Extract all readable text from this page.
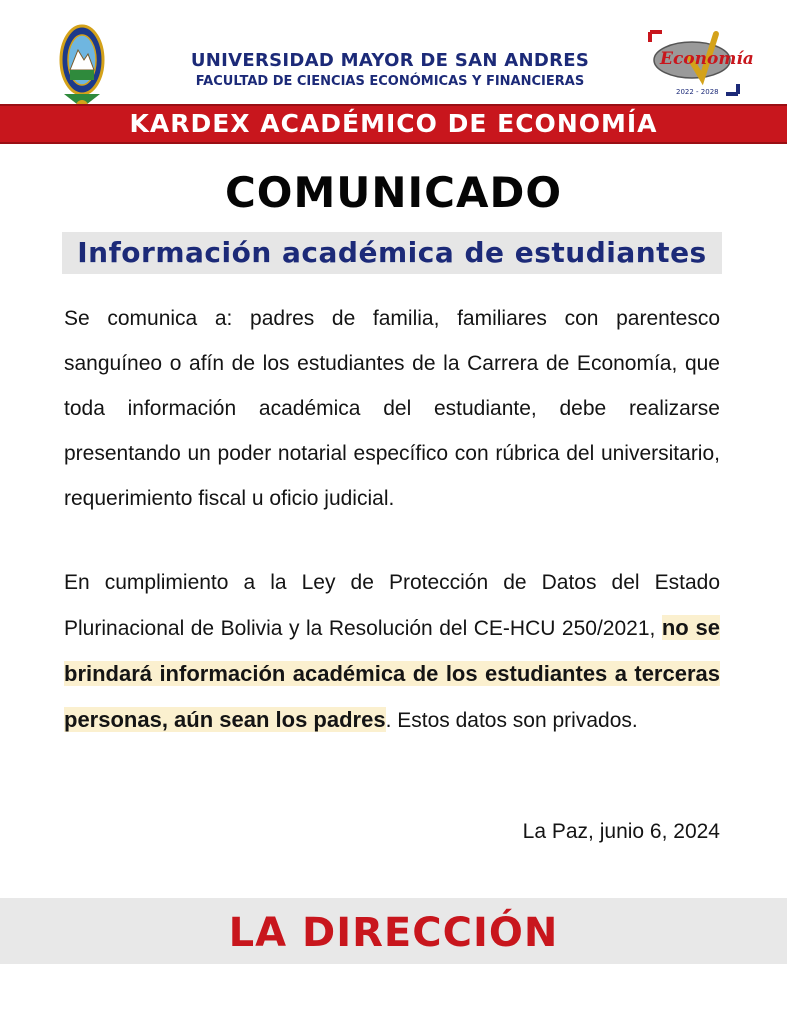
UNIVERSIDAD MAYOR DE SAN ANDRES
FACULTAD DE CIENCIAS ECONÓMICAS Y FINANCIERAS
Economía
2022 - 2028
KARDEX ACADÉMICO DE ECONOMÍA
COMUNICADO
Información académica de estudiantes
Se comunica a: padres de familia, familiares con parentesco sanguíneo o afín de los estudiantes de la Carrera de Economía, que toda información académica del estudiante, debe realizarse presentando un poder notarial específico con rúbrica del universitario, requerimiento fiscal u oficio judicial.
En cumplimiento a la Ley de Protección de Datos del Estado Plurinacional de Bolivia y la Resolución del CE-HCU 250/2021, no se brindará información académica de los estudiantes a terceras personas, aún sean los padres. Estos datos son privados.
La Paz, junio 6, 2024
LA DIRECCIÓN
